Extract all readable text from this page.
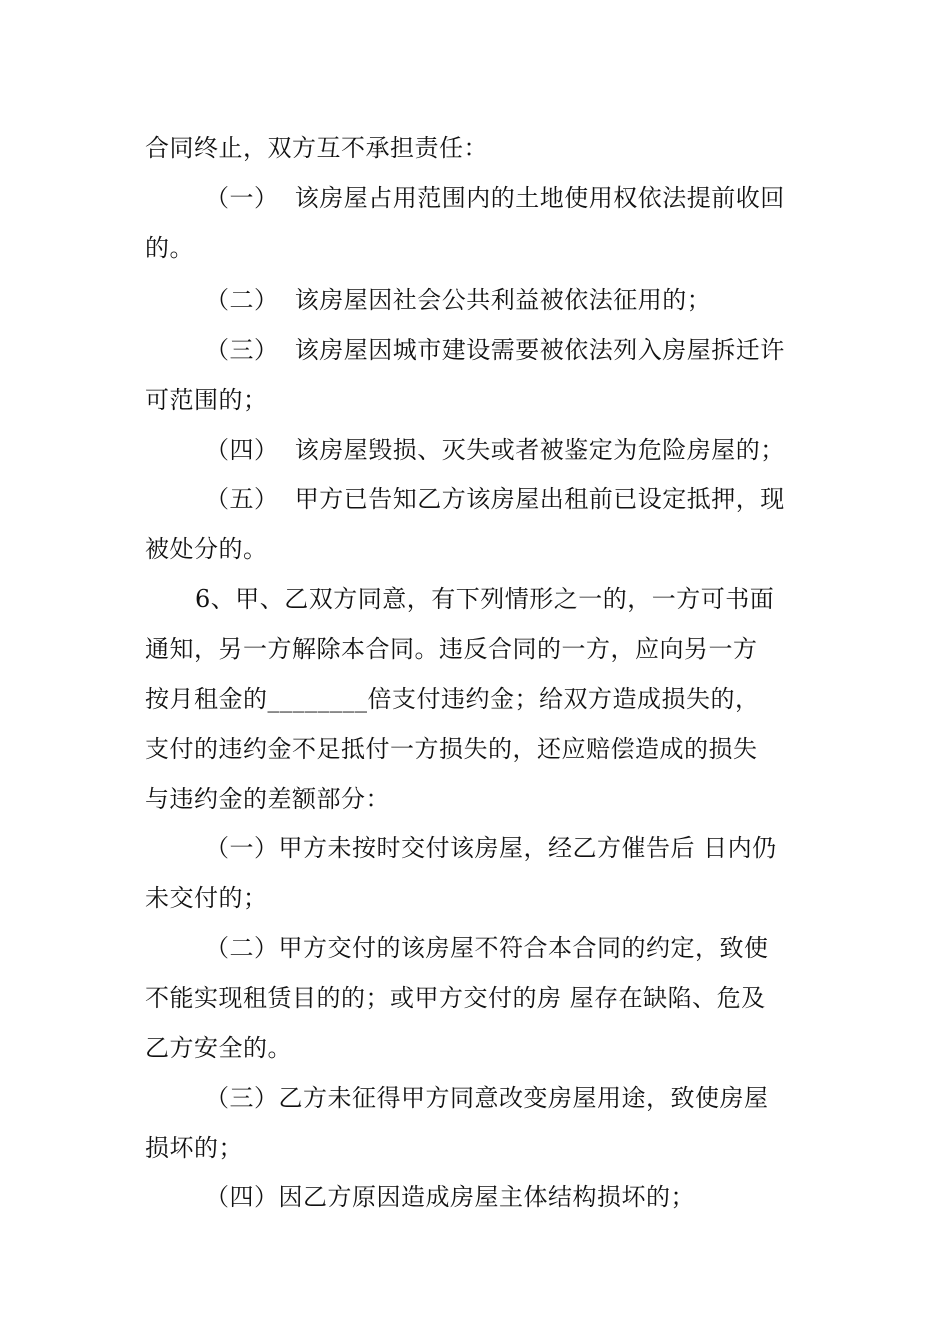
合同终止，双方互不承担责任：
（一）  该房屋占用范围内的土地使用权依法提前收回
的。
（二）  该房屋因社会公共利益被依法征用的；
（三）  该房屋因城市建设需要被依法列入房屋拆迁许
可范围的；
（四）  该房屋毁损、灭失或者被鉴定为危险房屋的；
（五）  甲方已告知乙方该房屋出租前已设定抵押，现
被处分的。
6、甲、乙双方同意，有下列情形之一的，一方可书面
通知，另一方解除本合同。违反合同的一方，应向另一方
按月租金的________倍支付违约金；给双方造成损失的，
支付的违约金不足抵付一方损失的，还应赔偿造成的损失
与违约金的差额部分：
（一）甲方未按时交付该房屋，经乙方催告后 日内仍
未交付的；
（二）甲方交付的该房屋不符合本合同的约定，致使
不能实现租赁目的的；或甲方交付的房 屋存在缺陷、危及
乙方安全的。
（三）乙方未征得甲方同意改变房屋用途，致使房屋
损坏的；
（四）因乙方原因造成房屋主体结构损坏的；
